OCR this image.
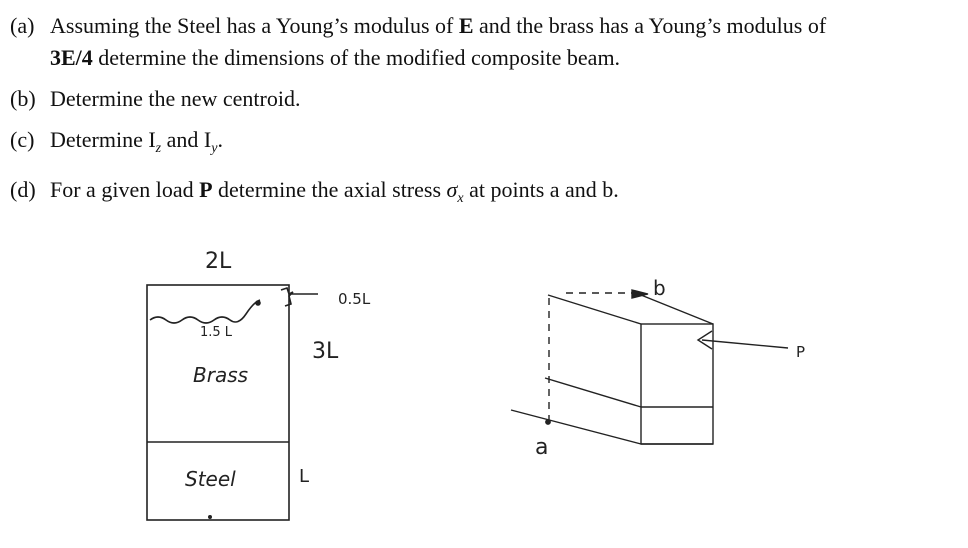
(a) Assuming the Steel has a Young’s modulus of E and the brass has a Young’s modulus of
3E/4 determine the dimensions of the modified composite beam.
(b) Determine the new centroid.
(c) Determine $I_z$ and $I_y$.
(d) For a given load P determine the axial stress $\sigma_x$ at points a and b.
2L
0.5L
1.5 L
Brass
3L
Steel	L
b
a
P
